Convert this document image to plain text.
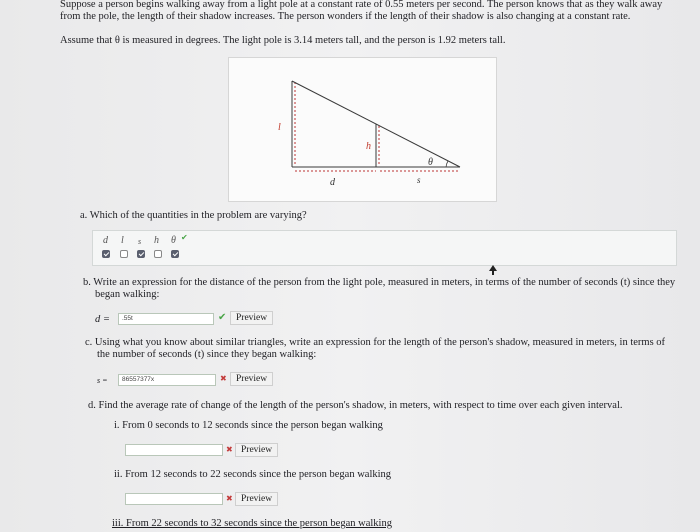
Suppose a person begins walking away from a light pole at a constant rate of 0.55 meters per second. The person knows that as they walk away
from the pole, the length of their shadow increases. The person wonders if the length of their shadow is also changing at a constant rate.
Assume that θ is measured in degrees. The light pole is 3.14 meters tall, and the person is 1.92 meters tall.
l
h
θ
d	s
a. Which of the quantities in the problem are varying?
d l s h θ ✔
b. Write an expression for the distance of the person from the light pole, measured in meters, in terms of the number of seconds (t) since they
began walking:
d =	.55t	✔	Preview
c. Using what you know about similar triangles, write an expression for the length of the person's shadow, measured in meters, in terms of
the number of seconds (t) since they began walking:
s =	86557377x	✖ Preview
d. Find the average rate of change of the length of the person's shadow, in meters, with respect to time over each given interval.
i. From 0 seconds to 12 seconds since the person began walking
✖ Preview
ii. From 12 seconds to 22 seconds since the person began walking
✖ Preview
iii. From 22 seconds to 32 seconds since the person began walking
